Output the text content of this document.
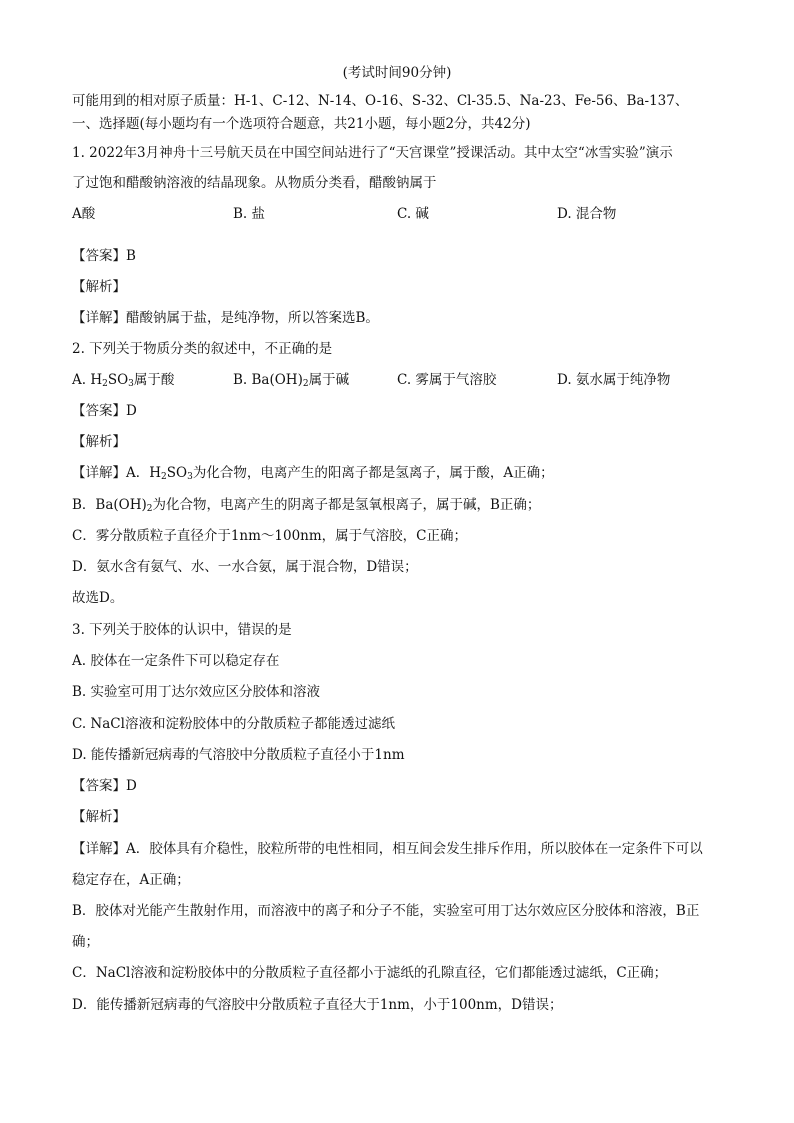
(考试时间90分钟)
可能用到的相对原子质量：H-1、C-12、N-14、O-16、S-32、Cl-35.5、Na-23、Fe-56、Ba-137、
一、选择题(每小题均有一个选项符合题意，共21小题，每小题2分，共42分)
1. 2022年3月神舟十三号航天员在中国空间站进行了“天宫课堂”授课活动。其中太空“冰雪实验”演示
了过饱和醋酸钠溶液的结晶现象。从物质分类看，醋酸钠属于
A酸	B. 盐	C. 碱	D. 混合物
【答案】B
【解析】
【详解】醋酸钠属于盐，是纯净物，所以答案选B。
2. 下列关于物质分类的叙述中，不正确的是
A. $H_2SO_3$属于酸	B. $Ba(OH)_2$属于碱	C. 雾属于气溶胶	D. 氨水属于纯净物
【答案】D
【解析】
【详解】A．$H_2SO_3$为化合物，电离产生的阳离子都是氢离子，属于酸，A正确；
B．$Ba(OH)_2$为化合物，电离产生的阴离子都是氢氧根离子，属于碱，B正确；
C．雾分散质粒子直径介于1nm～100nm，属于气溶胶，C正确；
D．氨水含有氨气、水、一水合氨，属于混合物，D错误；
故选D。
3. 下列关于胶体的认识中，错误的是
A. 胶体在一定条件下可以稳定存在
B. 实验室可用丁达尔效应区分胶体和溶液
C. NaCl溶液和淀粉胶体中的分散质粒子都能透过滤纸
D. 能传播新冠病毒的气溶胶中分散质粒子直径小于1nm
【答案】D
【解析】
【详解】A．胶体具有介稳性，胶粒所带的电性相同，相互间会发生排斥作用，所以胶体在一定条件下可以
稳定存在，A正确；
B．胶体对光能产生散射作用，而溶液中的离子和分子不能，实验室可用丁达尔效应区分胶体和溶液，B正
确；
C．NaCl溶液和淀粉胶体中的分散质粒子直径都小于滤纸的孔隙直径，它们都能透过滤纸，C正确；
D．能传播新冠病毒的气溶胶中分散质粒子直径大于1nm，小于100nm，D错误；
